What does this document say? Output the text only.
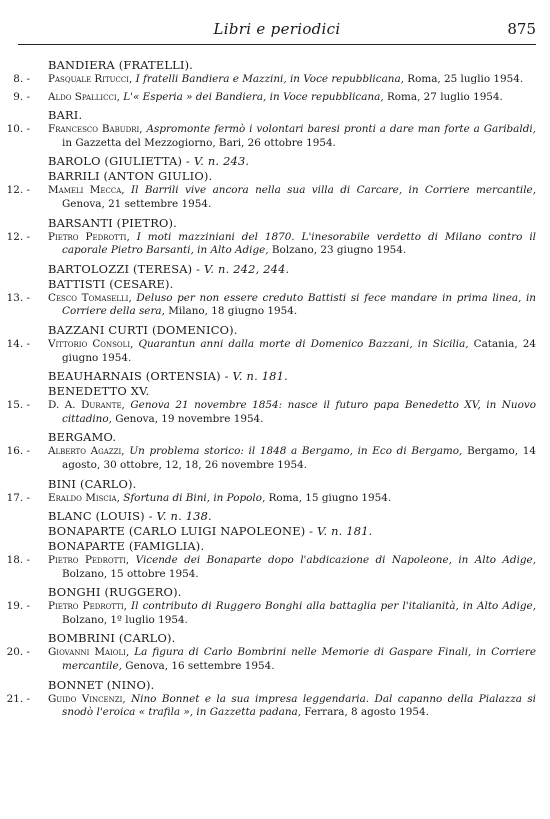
Libri e periodici	875
BANDIERA (FRATELLI).
8. - Pasquale Ritucci, I fratelli Bandiera e Mazzini, in Voce repubblicana, Roma, 25 luglio 1954.
9. - Aldo Spallicci, L'« Esperia » dei Bandiera, in Voce repubblicana, Roma, 27 luglio 1954.
BARI.
10. - Francesco Babudri, Aspromonte fermò i volontari baresi pronti a dare man forte a Garibaldi, in Gazzetta del Mezzogiorno, Bari, 26 ottobre 1954.
BAROLO (GIULIETTA) - V. n. 243.
BARRILI (ANTON GIULIO).
12. - Mameli Mecca, Il Barrili vive ancora nella sua villa di Carcare, in Corriere mercantile, Genova, 21 settembre 1954.
BARSANTI (PIETRO).
12. - Pietro Pedrotti, I moti mazziniani del 1870. L'inesorabile verdetto di Milano contro il caporale Pietro Barsanti, in Alto Adige, Bolzano, 23 giugno 1954.
BARTOLOZZI (TERESA) - V. n. 242, 244.
BATTISTI (CESARE).
13. - Cesco Tomaselli, Deluso per non essere creduto Battisti si fece mandare in prima linea, in Corriere della sera, Milano, 18 giugno 1954.
BAZZANI CURTI (DOMENICO).
14. - Vittorio Consoli, Quarantun anni dalla morte di Domenico Bazzani, in Sicilia, Catania, 24 giugno 1954.
BEAUHARNAIS (ORTENSIA) - V. n. 181.
BENEDETTO XV.
15. - D. A. Durante, Genova 21 novembre 1854: nasce il futuro papa Benedetto XV, in Nuovo cittadino, Genova, 19 novembre 1954.
BERGAMO.
16. - Alberto Agazzi, Un problema storico: il 1848 a Bergamo, in Eco di Bergamo, Bergamo, 14 agosto, 30 ottobre, 12, 18, 26 novembre 1954.
BINI (CARLO).
17. - Eraldo Miscia, Sfortuna di Bini, in Popolo, Roma, 15 giugno 1954.
BLANC (LOUIS) - V. n. 138.
BONAPARTE (CARLO LUIGI NAPOLEONE) - V. n. 181.
BONAPARTE (FAMIGLIA).
18. - Pietro Pedrotti, Vicende dei Bonaparte dopo l'abdicazione di Napoleone, in Alto Adige, Bolzano, 15 ottobre 1954.
BONGHI (RUGGERO).
19. - Pietro Pedrotti, Il contributo di Ruggero Bonghi alla battaglia per l'italianità, in Alto Adige, Bolzano, 1º luglio 1954.
BOMBRINI (CARLO).
20. - Giovanni Maioli, La figura di Carlo Bombrini nelle Memorie di Gaspare Finali, in Corriere mercantile, Genova, 16 settembre 1954.
BONNET (NINO).
21. - Guido Vincenzi, Nino Bonnet e la sua impresa leggendaria. Dal capanno della Pialazza si snodò l'eroica « trafila », in Gazzetta padana, Ferrara, 8 agosto 1954.
